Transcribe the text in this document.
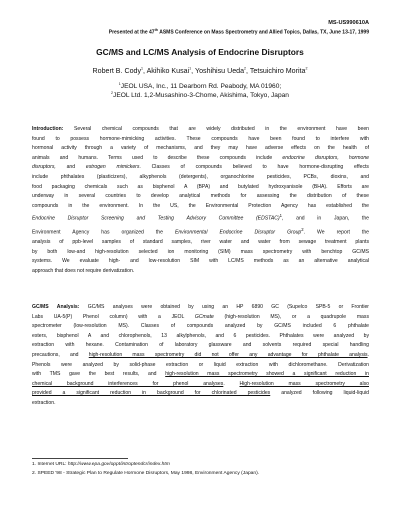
MS-US990610A
Presented at the 47th ASMS Conference on Mass Spectrometry and Allied Topics, Dallas, TX, June 13-17, 1999
GC/MS and LC/MS Analysis of Endocrine Disruptors
Robert B. Cody$^1$, Akihiko Kusai$^1$, Yoshihisu Ueda$^2$, Tetsuichiro Morita$^2$
$^1$JEOL USA, Inc., 11 Dearborn Rd. Peabody, MA 01960;
$^2$JEOL Ltd. 1,2-Musashino-3-Chome, Akishima, Tokyo, Japan
Introduction: Several chemical compounds that are widely distributed in the environment have been
found to possess hormone-mimicking activities. These compounds have been found to interfere with
hormonal activity through a variety of mechanisms, and they may have adverse effects on the health of
animals and humans. Terms used to describe these compounds include endocrine disruptors, hormone
disruptors, and estrogen mimickers. Classes of compounds believed to have hormone-disrupting effects
include phthalates (plasticizers), alkyphenols (detergents), organochlorine pesticides, PCBs, dioxins, and
food packaging chemicals such as bisphenol A (BPA) and butylated hydroxyanisole (BHA). Efforts are
underway in several countries to develop analytical methods for assessing the distribution of these
compounds in the environment. In the US, the Environmental Protection Agency has established the
Endocrine Disruptor Screening and Testing Advisory Committee (EDSTAC)$^1$, and in Japan, the
Environment Agency has organized the Environmental Endocrine Disruptor Group$^2$. We report the
analysis of ppb-level samples of standard samples, river water and water from sewage treatment plants
by both low-and high-resolution selected ion monitoring (SIM) mass spectrometry with benchtop GC/MS
systems. We evaluate high- and low-resolution SIM with LC/MS methods as an alternative analytical
approach that does not require derivatization.
GC/MS Analysis: GC/MS analyses were obtained by using an HP 6890 GC (Supelco SPB-5 or Frontier
Labs UA-5(P) Phenol column) with a JEOL GCmate (high-resolution MS), or a quadrupole mass
spectrometer (low-resolution MS). Classes of compounds analyzed by GC/MS included 6 phthalate
esters, bisphenol A and chlorophenols, 13 alkylphenols, and 6 pesticides. Phthalates were analyzed by
extraction with hexane. Contamination of laboratory glassware and solvents required special handling
precautions, and high-resolution mass spectrometry did not offer any advantage for phthalate analysis.
Phenols were analyzed by solid-phase extraction or liquid extraction with dichloromethane. Derivatization
with TMS gave the best results, and high-resolution mass spectrometry showed a significant reduction in
chemical background interferences for phenol analyses. High-resolution mass spectrometry also
provided a significant reduction in background for chlorinated pesticides analyzed following liquid-liquid
extraction.
1. Internet URL: http://www.epa.gov/oppt/introptendcr/index.htm
2. SPEED '98 - Strategic Plan to Regulate Hormone Disruptors, May 1998, Environment Agency (Japan).
